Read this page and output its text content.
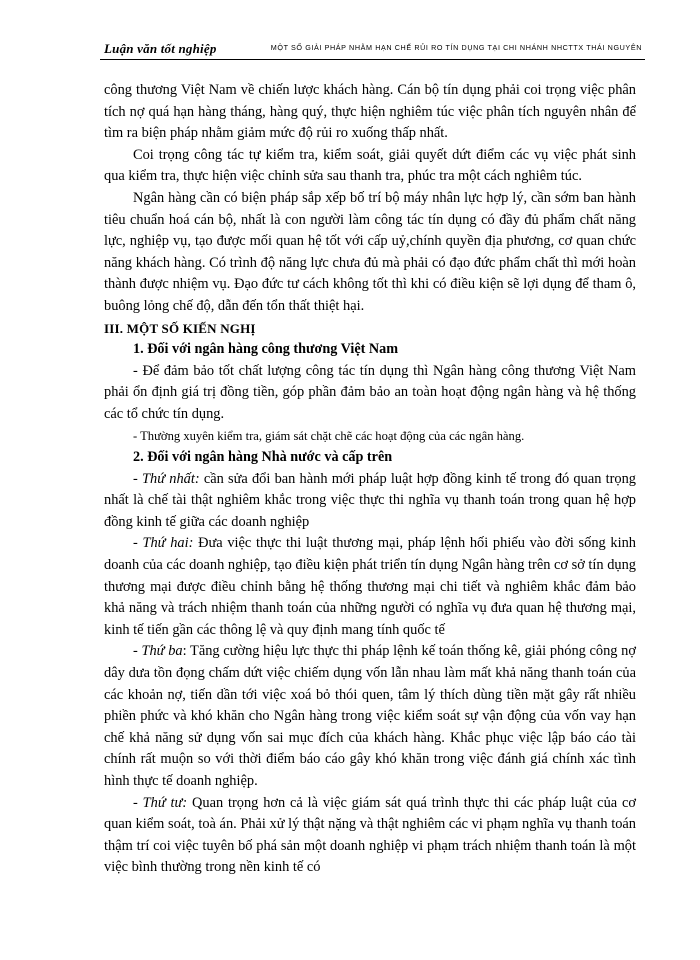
Luận văn tốt nghiệp	MỘT SỐ GIẢI PHÁP NHẰM HẠN CHẾ RỦI RO TÍN DỤNG TẠI CHI NHÁNH NHCTTX THÁI NGUYÊN

công thương Việt Nam về chiến lược khách hàng. Cán bộ tín dụng phải coi trọng việc phân tích nợ quá hạn hàng tháng, hàng quý, thực hiện nghiêm túc việc phân tích nguyên nhân để tìm ra biện pháp nhằm giảm mức độ rủi ro xuống thấp nhất.

Coi trọng công tác tự kiểm tra, kiểm soát, giải quyết dứt điểm các vụ việc phát sinh qua kiểm tra, thực hiện việc chỉnh sửa sau thanh tra, phúc tra một cách nghiêm túc.

Ngân hàng cần có biện pháp sắp xếp bố trí bộ máy nhân lực hợp lý, cần sớm ban hành tiêu chuẩn hoá cán bộ, nhất là con người làm công tác tín dụng có đầy đủ phẩm chất năng lực, nghiệp vụ, tạo được mối quan hệ tốt với cấp uỷ,chính quyền địa phương, cơ quan chức năng khách hàng. Có trình độ năng lực chưa đủ mà phải có đạo đức phẩm chất thì mới hoàn thành được nhiệm vụ. Đạo đức tư cách không tốt thì khi có điều kiện sẽ lợi dụng để tham ô, buông lỏng chế độ, dẫn đến tổn thất thiệt hại.

III. MỘT SỐ KIẾN NGHỊ

1. Đối với ngân hàng công thương Việt Nam

- Để đảm bảo tốt chất lượng công tác tín dụng thì Ngân hàng công thương Việt Nam phải ổn định giá trị đồng tiền, góp phần đảm bảo an toàn hoạt động ngân hàng và hệ thống các tổ chức tín dụng.

- Thường xuyên kiểm tra, giám sát chặt chẽ các hoạt động của các ngân hàng.

2. Đối với ngân hàng Nhà nước và cấp trên

- Thứ nhất: cần sửa đổi ban hành mới pháp luật hợp đồng kinh tế trong đó quan trọng nhất là chế tài thật nghiêm khắc trong việc thực thi nghĩa vụ thanh toán trong quan hệ hợp đồng kinh tế giữa các doanh nghiệp

- Thứ hai: Đưa việc thực thi luật thương mại, pháp lệnh hối phiếu vào đời sống kinh doanh của các doanh nghiệp, tạo điều kiện phát triển tín dụng Ngân hàng trên cơ sở tín dụng thương mại được điều chỉnh bằng hệ thống thương mại chi tiết và nghiêm khắc đảm bảo khả năng và trách nhiệm thanh toán của những người có nghĩa vụ đưa quan hệ thương mại, kinh tế tiến gần các thông lệ và quy định mang tính quốc tế

- Thứ ba: Tăng cường hiệu lực thực thi pháp lệnh kế toán thống kê, giải phóng công nợ dây dưa tồn đọng chấm dứt việc chiếm dụng vốn lẫn nhau làm mất khả năng thanh toán của các khoản nợ, tiến dần tới việc xoá bỏ thói quen, tâm lý thích dùng tiền mặt gây rất nhiều phiền phức và khó khăn cho Ngân hàng trong việc kiểm soát sự vận động của vốn vay hạn chế khả năng sử dụng vốn sai mục đích của khách hàng. Khắc phục việc lập báo cáo tài chính rất muộn so với thời điểm báo cáo gây khó khăn trong việc đánh giá chính xác tình hình thực tế doanh nghiệp.

- Thứ tư: Quan trọng hơn cả là việc giám sát quá trình thực thi các pháp luật của cơ quan kiểm soát, toà án. Phải xử lý thật nặng và thật nghiêm các vi phạm nghĩa vụ thanh toán thậm trí coi việc tuyên bố phá sản một doanh nghiệp vi phạm trách nhiệm thanh toán là một việc bình thường trong nền kinh tế có
